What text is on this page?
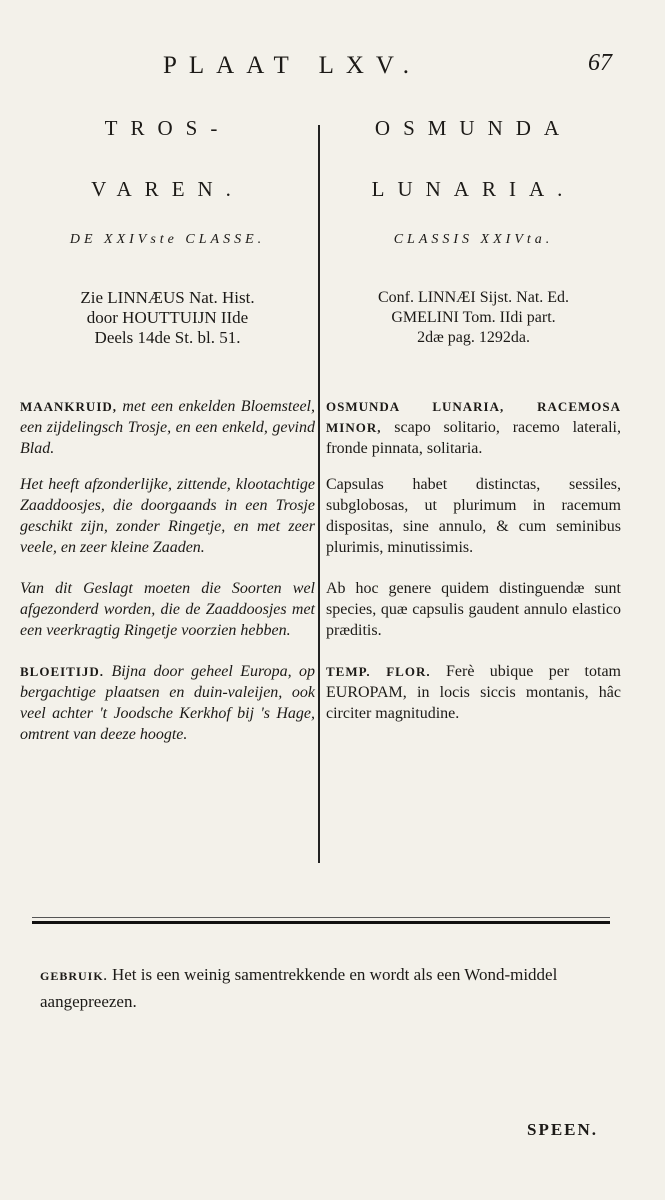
PLAAT LXV.	67

TROS-

VAREN.

DE XXIVste CLASSE.
Zie LINNÆUS Nat. Hist.
door HOUTTUIJN IIde
Deels 14de St. bl. 51.
MAANKRUID, met een enkelden Bloemsteel, een zijdelingsch Trosje, en een enkeld, gevind Blad.
Het heeft afzonderlijke, zittende, klootachtige Zaaddoosjes, die doorgaands in een Trosje geschikt zijn, zonder Ringetje, en met zeer veele, en zeer kleine Zaaden.
Van dit Geslagt moeten die Soorten wel afgezonderd worden, die de Zaaddoosjes met een veerkragtig Ringetje voorzien hebben.
BLOEITIJD. Bijna door geheel Europa, op bergachtige plaatsen en duin-valeijen, ook veel achter 't Joodsche Kerkhof bij 's Hage, omtrent van deeze hoogte.

OSMUNDA

LUNARIA.

CLASSIS XXIVta.
Conf. LINNÆI Sijst. Nat. Ed.
GMELINI Tom. IIdi part.
2dæ pag. 1292da.
OSMUNDA LUNARIA, RACEMOSA MINOR, scapo solitario, racemo laterali, fronde pinnata, solitaria.
Capsulas habet distinctas, sessiles, subglobosas, ut plurimum in racemum dispositas, sine annulo, & cum seminibus plurimis, minutissimis.
Ab hoc genere quidem distinguendæ sunt species, quæ capsulis gaudent annulo elastico præditis.
TEMP. FLOR. Ferè ubique per totam EUROPAM, in locis siccis montanis, hâc circiter magnitudine.
GEBRUIK. Het is een weinig samentrekkende en wordt als een Wond-middel aangepreezen.
SPEEN.
